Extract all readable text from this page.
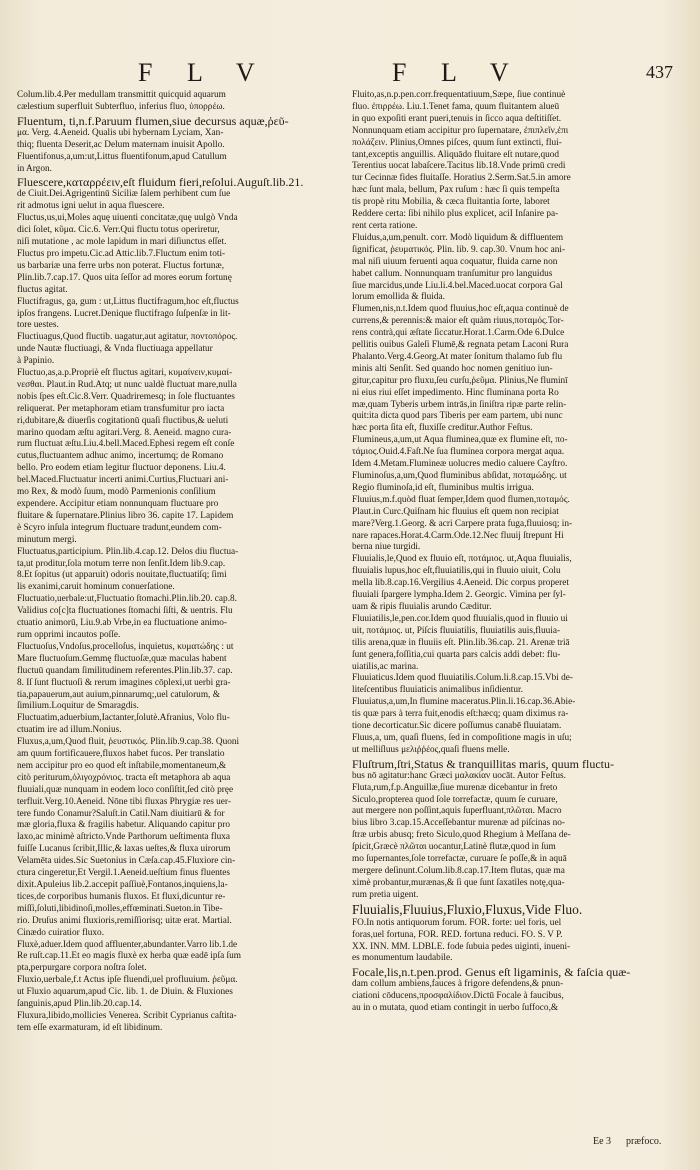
F L V	F L V	437

Colum.lib.4.Per medullam transmittit quicquid aquarum

cælestium superfluit Subterfluo, inferius fluo, ὑπορρέω.

Fluentum, ti,n.f.Paruum flumen,siue decursus aquæ,ῥεῦ-

μα. Verg. 4.Aeneid. Qualis ubi hybernam Lyciam, Xan-

thiq; fluenta Deserit,ac Delum maternam inuisit Apollo.

Fluentifonus,a,um:ut,Littus fluentifonum,apud Catullum

in Argon.

Fluescere,καταρρέειν,eſt fluidum fieri,reſolui.Auguſt.lib.21.

de Ciuit.Dei.Agrigentinū Siciliæ ſalem perhibent cum ſue

rit admotus igni uelut in aqua fluescere.

Fluctus,us,ui,Moles aquę uiuenti concitatæ,quę uulgò Vnda

dici ſolet, κῦμα. Cic.6. Verr.Qui fluctu totus operiretur,

niſi mutatione , ac mole lapidum in mari diſiunctus eſſet.

Fluctus pro impetu.Cic.ad Attic.lib.7.Fluctum enim toti-

us barbariæ una ferre urbs non poterat. Fluctus fortunæ,

Plin.lib.7.cap.17. Quos uita ſeſſor ad mores eorum fortunę

fluctus agitat.

Fluctifragus, ga, gum : ut,Littus fluctifragum,hoc eſt,fluctus

ipſos frangens. Lucret.Denique fluctifrago ſuſpenſæ in lit-

tore uestes.

Fluctiuagus,Quod fluctib. uagatur,aut agitatur, ποντοπόρος.

unde Nautæ fluctiuagi, & Vnda fluctiuaga appellatur

à Papinio.

Fluctuo,as,a.p.Propriè eſt fluctus agitari, κυμαίνειν,κυμαί-

νεσθαι. Plaut.in Rud.Atq; ut nunc ualdè fluctuat mare,nulla

nobis ſpes eſt.Cic.8.Verr. Quadriremesq; in ſole fluctuantes

reliquerat. Per metaphoram etiam transfumitur pro iacta

ri,dubitare,& diuerſis cogitationū quaſi fluctibus,& ueluti

marino quodam æſtu agitari.Verg. 8. Aeneid. magno cura-

rum fluctuat æſtu.Liu.4.bell.Maced.Ephesi regem eſt conſe

cutus,fluctuantem adhuc animo, incertumq; de Romano

bello. Pro eodem etiam legitur fluctuor deponens. Liu.4.

bel.Maced.Fluctuatur incerti animi.Curtius,Fluctuari ani-

mo Rex, & modò ſuum, modò Parmenionis conſilium

expendere. Accipitur etiam nonnunquam fluctuare pro

fluitare & ſupernatare.Plinius libro 36. capite 17. Lapidem

è Scyro inſula integrum fluctuare tradunt,eundem com-

minutum mergi.

Fluctuatus,participium. Plin.lib.4.cap.12. Delos diu fluctua-

ta,ut proditur,ſola motum terre non ſenſit.Idem lib.9.cap.

8.Et ſopitus (ut apparuit) odoris nouitate,fluctuatiſq; ſimi

lis exanimi,caruit hominum conuerſatione.

Fluctuatio,uerbale:ut,Fluctuatio ſtomachi.Plin.lib.20. cap.8.

Validius co[c]ta fluctuationes ſtomachi ſiſti, & uentris. Flu

ctuatio animorū, Liu.9.ab Vrbe,in ea fluctuatione animo-

rum opprimi incautos poſſe.

Fluctuoſus,Vndoſus,procelloſus, inquietus, κυματώδης : ut

Mare fluctuoſum.Gemmę fluctuoſæ,quæ maculas habent

fluctuū quandam ſimilitudinem referentes.Plin.lib.37. cap.

8. Iſ ſunt fluctuoſi & rerum imagines cōplexi,ut uerbi gra-

tia,papauerum,aut auium,pinnarumq;,uel catulorum, &

ſimilium.Loquitur de Smaragdis.

Fluctuatim,aduerbium,Iactanter,ſolutè.Afranius, Volo flu-

ctuatim ire ad illum.Nonius.

Fluxus,a,um,Quod fluit, ῥευστικός. Plin.lib.9.cap.38. Quoni

am quum fortificauere,fluxos habet fucos. Per translatio

nem accipitur pro eo quod eſt inſtabile,momentaneum,&

citò periturum,ὀλιγοχρόνιος. tracta eſt metaphora ab aqua

fluuiali,quæ nunquam in eodem loco conſiſtit,ſed citò pręe

terfluit.Verg.10.Aeneid. Nōne tibi fluxas Phrygiæ res uer-

tere fundo Conamur?Saluſt.in Catil.Nam diuitiarū & for

mæ gloria,fluxa & fragilis habetur. Aliquando capitur pro

laxo,ac minimè aſtricto.Vnde Parthorum ueſtimenta fluxa

fuiſſe Lucanus ſcribit,Illic,& laxas ueſtes,& fluxa uirorum

Velamēta uides.Sic Suetonius in Cæſa.cap.45.Fluxiore cin-

ctura cingeretur,Et Vergil.1.Aeneid.ueſtium finus fluentes

dixit.Apuleius lib.2.accepit paſſiuè,Fontanos,inquiens,la-

tices,de corporibus humanis fluxos. Et fluxi,dicuntur re-

miſſi,ſoluti,libidinoſi,molles,effœminati.Sueton.in Tibe-

rio. Druſus animi fluxioris,remiſſiorisq; uitæ erat. Martial.

Cinædo cuiratior fluxo.

Fluxè,aduer.Idem quod affluenter,abundanter.Varro lib.1.de

Re ruſt.cap.11.Et eo magis fluxè ex herba quæ eadē ipſa ſum

pta,perpurgare corpora noſtra ſolet.

Fluxio,uerbale,f.t Actus ipſe fluendi,uel profluuium. ῥεῦμα.

ut Fluxio aquarum,apud Cic. lib. 1. de Diuin. & Fluxiones

ſanguinis,apud Plin.lib.20.cap.14.

Fluxura,libido,mollicies Venerea. Scribit Cyprianus caſtita-

tem eſſe exarmaturam, id eſt libidinum.

Fluito,as,n.p.pen.corr.frequentatiuum,Sæpe, ſiue continuè

fluo. ἐπιρρέω. Liu.1.Tenet fama, quum fluitantem alueū

in quo expoſiti erant pueri,tenuis in ſicco aqua deſtitiſſet.

Nonnunquam etiam accipitur pro ſupernatare, ἐπιπλεῖν,ἐπι

πολάζειν. Plinius,Omnes piſces, quum ſunt extincti, flui-

tant,exceptis anguillis. Aliquādo fluitare eſt nutare,quod

Terentius uocat labaſcere.Tacitus lib.18.Vnde primū credi

tur Cecinnæ fides fluitaſſe. Horatius 2.Serm.Sat.5.in amore

hæc ſunt mala, bellum, Pax ruſum : hæc ſi quis tempeſta

tis propè ritu Mobilia, & cæca fluitantia ſorte, laboret

Reddere certa: ſibi nihilo plus explicet, aciI Inſanire pa-

rent certa ratione.

Fluidus,a,um,penult. corr. Modò liquidum & diffluentem

ſignificat, ῥευματικός. Plin. lib. 9. cap.30. Vnum hoc ani-

mal niſi uiuum feruenti aqua coquatur, fluida carne non

habet callum. Nonnunquam tranſumitur pro languidus

ſiue marcidus,unde Liu.li.4.bel.Maced.uocat corpora Gal

lorum emollida & fluida.

Flumen,nis,n.t.Idem quod fluuius,hoc eſt,aqua continuè de

currens,& perennis:& maior eſt quàm riuus,ποταμός.Tor-

rens contrà,qui æſtate ſiccatur.Horat.1.Carm.Ode 6.Dulce

pellitis ouibus Galeſi Flumē,& regnata petam Laconi Rura

Phalanto.Verg.4.Georg.At mater ſonitum thalamo ſub flu

minis alti Senſit. Sed quando hoc nomen genitiuo iun-

gitur,capitur pro fluxu,ſeu curſu,ῥεῦμα. Plinius,Ne fluminī

ni eius riui eſſet impedimento. Hinc fluminana porta Ro

mæ,quam Tyberis urbem intrās,in ſiniſtra ripæ parte relin-

quit:ita dicta quod pars Tiberis per eam partem, ubi nunc

hæc porta ſita eſt, fluxiſſe creditur.Author Feſtus.

Flumineus,a,um,ut Aqua fluminea,quæ ex flumine eſt, πο-

τάμιος.Ouid.4.Faſt.Ne ſua fluminea corpora mergat aqua.

Idem 4.Metam.Flumineæ uolucres medio caluere Cayſtro.

Fluminoſus,a,um,Quod fluminibus abſidat, ποταμώδης. ut

Regio fluminoſa,id eſt, fluminibus multis irrigua.

Fluuius,m.f.quòd fluat ſemper,Idem quod flumen,ποταμός.

Plaut.in Curc.Quiſnam hic fluuius eſt quem non recipiat

mare?Verg.1.Georg. & acri Carpere prata fuga,fluuiosq; in-

nare rapaces.Horat.4.Carm.Ode.12.Nec fluuij ſtrepunt Hi

berna niue turgidi.

Fluuialis,le,Quod ex fluuio eſt, ποτάμιος. ut,Aqua fluuialis,

fluuialis lupus,hoc eſt,fluuiatilis,qui in fluuio uiuit, Colu

mella lib.8.cap.16.Vergilius 4.Aeneid. Dic corpus properet

fluuiali ſpargere lympha.Idem 2. Georgic. Vimina per ſyl-

uam & ripis fluuialis arundo Cæditur.

Fluuiatilis,le,pen.cor.Idem quod fluuialis,quod in fluuio ui

uit, ποτάμιος. ut, Piſcis fluuiatilis, fluuiatilis auis,fluuia-

tilis arena,quæ in fluuiis eſt. Plin.lib.36.cap. 21. Arenæ triā

ſunt genera,foſſitia,cui quarta pars calcis addi debet: flu-

uiatilis,ac marina.

Fluuiaticus.Idem quod fluuiatilis.Colum.li.8.cap.15.Vbi de-

liteſcentibus fluuiaticis animalibus inſidientur.

Fluuiatus,a,um,In flumine maceratus.Plin.li.16.cap.36.Abie-

tis quæ pars à terra fuit,enodis eſt:hæcq; quam diximus ra-

tione decorticatur.Sic dicere poſſumus canabē fluuiatam.

Fluus,a, um, quaſi fluens, ſed in compoſitione magis in uſu;

ut melliſluus μελιῤῥέος,quaſi fluens melle.

Fluſtrum,ſtri,Status & tranquillitas maris, quum fluctu-

bus nō agitatur:hanc Græci μαλακίαν uocāt. Autor Feſtus.

Fluta,rum,f.p.Anguillæ,ſiue murenæ dicebantur in freto

Siculo,propterea quod ſole torrefactæ, quum ſe curuare,

aut mergere non poſſint,aquis ſuperfluant,πλῶται. Macro

bius libro 3.cap.15.Acceſſebantur murenæ ad piſcinas no-

ſtræ urbis abusq; freto Siculo,quod Rhegium à Meſſana de-

ſpicit,Græcè πλῶται uocantur,Latinè flutæ,quod in ſum

mo ſupernantes,ſole torrefactæ, curuare ſe poſſe,& in aquā

mergere deſinunt.Colum.lib.8.cap.17.Item flutas, quæ ma

ximè probantur,murænas,& ſi que ſunt ſaxatiles notę,qua-

rum pretia uigent.

Fluuialis,Fluuius,Fluxio,Fluxus,Vide Fluo.

FO.In notis antiquorum forum. FOR. forte: uel foris, uel

foras,uel fortuna, FOR. RED. fortuna reduci. FO. S. V P.

XX. INN. MM. LDBLE. fode ſubuia pedes uiginti, inueni-

es monumentum laudabile.

Focale,lis,n.t.pen.prod. Genus eſt ligaminis, & faſcia quæ-

dam collum ambiens,fauces à frigore defendens,& pnun-

ciationi cōducens,προσφαλίδιον.Dictū Focale à faucibus,

au in o mutata, quod etiam contingit in uerbo ſuffoco,&

Ee 3 præfoco.
